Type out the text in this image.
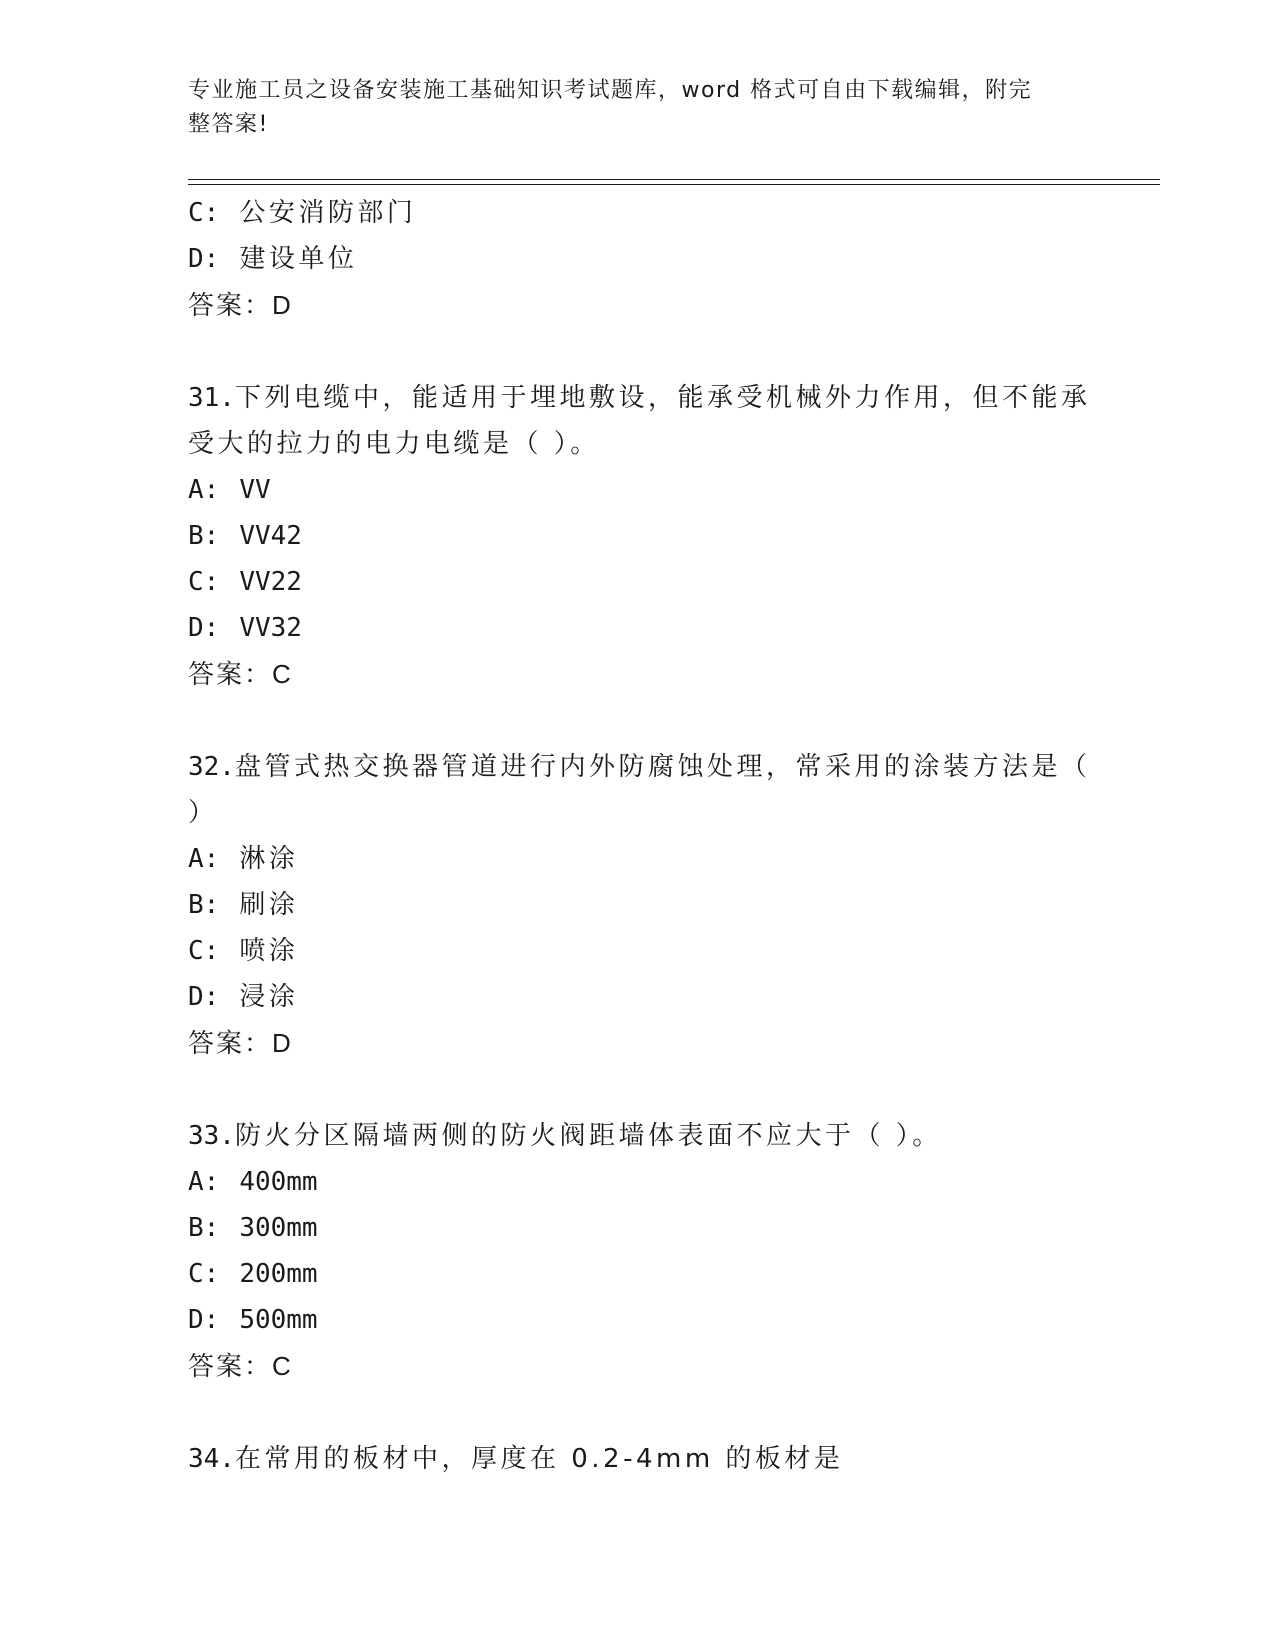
专业施工员之设备安装施工基础知识考试题库，word 格式可自由下载编辑，附完
整答案!
C: 公安消防部门
D: 建设单位
答案：D
31.下列电缆中，能适用于埋地敷设，能承受机械外力作用，但不能承
受大的拉力的电力电缆是（ ）。
A: VV
B: VV42
C: VV22
D: VV32
答案：C
32.盘管式热交换器管道进行内外防腐蚀处理，常采用的涂装方法是（
）
A: 淋涂
B: 刷涂
C: 喷涂
D: 浸涂
答案：D
33.防火分区隔墙两侧的防火阀距墙体表面不应大于（ ）。
A: 400mm
B: 300mm
C: 200mm
D: 500mm
答案：C
34.在常用的板材中，厚度在 0.2-4mm 的板材是
